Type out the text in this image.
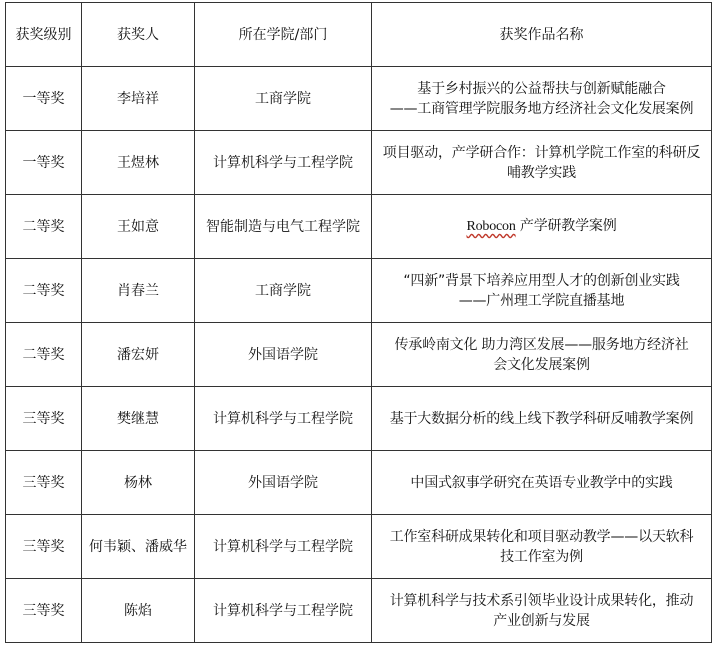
获奖级别	获奖人	所在学院/部门	获奖作品名称
一等奖	李培祥	工商学院	基于乡村振兴的公益帮扶与创新赋能融合
——工商管理学院服务地方经济社会文化发展案例

一等奖	王煜林	计算机科学与工程学院	项目驱动，产学研合作：计算机学院工作室的科研反
哺教学实践

二等奖	王如意	智能制造与电气工程学院	Robocon 产学研教学案例
二等奖	肖春兰	工商学院	“四新”背景下培养应用型人才的创新创业实践
——广州理工学院直播基地

二等奖	潘宏妍	外国语学院	传承岭南文化 助力湾区发展——服务地方经济社
会文化发展案例

三等奖	樊继慧	计算机科学与工程学院	基于大数据分析的线上线下教学科研反哺教学案例

三等奖	杨林	外国语学院	中国式叙事学研究在英语专业教学中的实践

三等奖	何韦颖、潘威华	计算机科学与工程学院	工作室科研成果转化和项目驱动教学——以天软科
技工作室为例

三等奖	陈焰	计算机科学与工程学院	计算机科学与技术系引领毕业设计成果转化，推动
产业创新与发展
